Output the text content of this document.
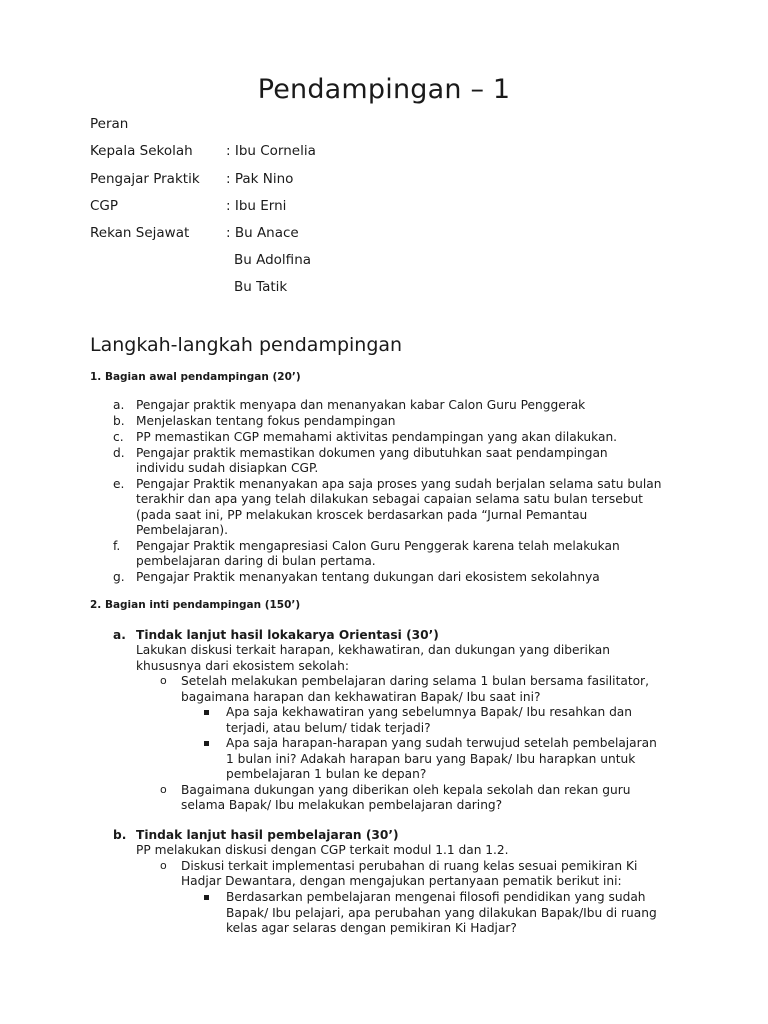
Pendampingan – 1
Peran
Kepala Sekolah	: Ibu Cornelia
Pengajar Praktik	: Pak Nino
CGP	: Ibu Erni
Rekan Sejawat	: Bu Anace
Bu Adolfina
Bu Tatik
Langkah-langkah pendampingan
1. Bagian awal pendampingan (20’)
a. Pengajar praktik menyapa dan menanyakan kabar Calon Guru Penggerak
b. Menjelaskan tentang fokus pendampingan
c. PP memastikan CGP memahami aktivitas pendampingan yang akan dilakukan.
d. Pengajar praktik memastikan dokumen yang dibutuhkan saat pendampingan
individu sudah disiapkan CGP.
e. Pengajar Praktik menanyakan apa saja proses yang sudah berjalan selama satu bulan
terakhir dan apa yang telah dilakukan sebagai capaian selama satu bulan tersebut
(pada saat ini, PP melakukan kroscek berdasarkan pada “Jurnal Pemantau
Pembelajaran).
f. Pengajar Praktik mengapresiasi Calon Guru Penggerak karena telah melakukan
pembelajaran daring di bulan pertama.
g. Pengajar Praktik menanyakan tentang dukungan dari ekosistem sekolahnya
2. Bagian inti pendampingan (150’)
a. Tindak lanjut hasil lokakarya Orientasi (30’)
Lakukan diskusi terkait harapan, kekhawatiran, dan dukungan yang diberikan
khususnya dari ekosistem sekolah:
o Setelah melakukan pembelajaran daring selama 1 bulan bersama fasilitator,
bagaimana harapan dan kekhawatiran Bapak/ Ibu saat ini?
Apa saja kekhawatiran yang sebelumnya Bapak/ Ibu resahkan dan
terjadi, atau belum/ tidak terjadi?
Apa saja harapan-harapan yang sudah terwujud setelah pembelajaran
1 bulan ini? Adakah harapan baru yang Bapak/ Ibu harapkan untuk
pembelajaran 1 bulan ke depan?
o Bagaimana dukungan yang diberikan oleh kepala sekolah dan rekan guru
selama Bapak/ Ibu melakukan pembelajaran daring?
b. Tindak lanjut hasil pembelajaran (30’)
PP melakukan diskusi dengan CGP terkait modul 1.1 dan 1.2.
o Diskusi terkait implementasi perubahan di ruang kelas sesuai pemikiran Ki
Hadjar Dewantara, dengan mengajukan pertanyaan pematik berikut ini:
Berdasarkan pembelajaran mengenai filosofi pendidikan yang sudah
Bapak/ Ibu pelajari, apa perubahan yang dilakukan Bapak/Ibu di ruang
kelas agar selaras dengan pemikiran Ki Hadjar?
